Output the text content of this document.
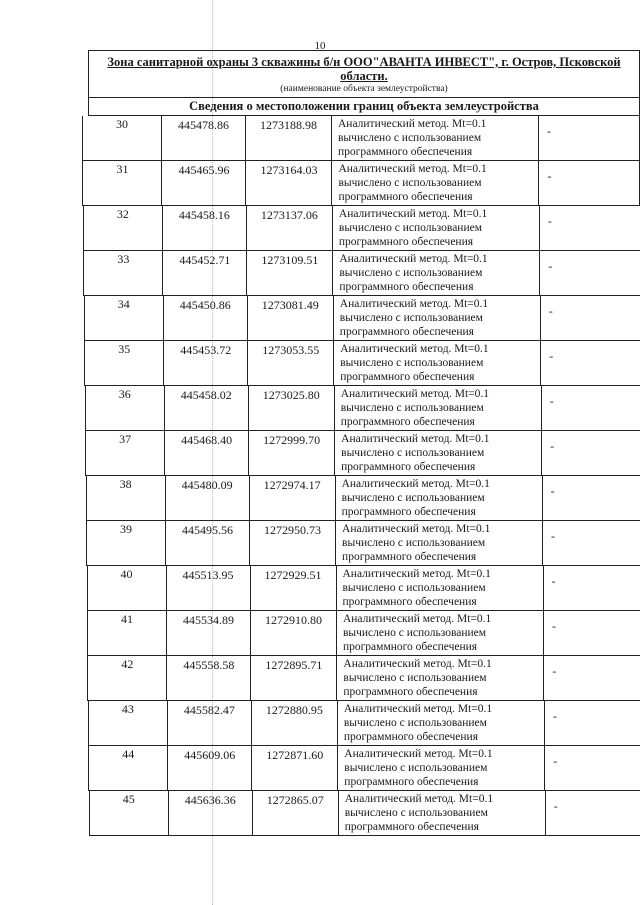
10
Зона санитарной охраны 3 скважины б/н ООО"АВАНТА ИНВЕСТ", г. Остров, Псковской области.
(наименование объекта землеустройства)
Сведения о местоположении границ объекта землеустройства
30	445478.86	1273188.98	Аналитический метод. Mt=0.1
вычислено с использованием
программного обеспечения
-
31	445465.96	1273164.03	Аналитический метод. Mt=0.1
вычислено с использованием
программного обеспечения
-
32	445458.16	1273137.06	Аналитический метод. Mt=0.1
вычислено с использованием
программного обеспечения
-
33	445452.71	1273109.51	Аналитический метод. Mt=0.1
вычислено с использованием
программного обеспечения
-
34	445450.86	1273081.49	Аналитический метод. Mt=0.1
вычислено с использованием
программного обеспечения
-
35	445453.72	1273053.55	Аналитический метод. Mt=0.1
вычислено с использованием
программного обеспечения
-
36	445458.02	1273025.80	Аналитический метод. Mt=0.1
вычислено с использованием
программного обеспечения
-
37	445468.40	1272999.70	Аналитический метод. Mt=0.1
вычислено с использованием
программного обеспечения
-
38	445480.09	1272974.17	Аналитический метод. Mt=0.1
вычислено с использованием
программного обеспечения
-
39	445495.56	1272950.73	Аналитический метод. Mt=0.1
вычислено с использованием
программного обеспечения
-
40	445513.95	1272929.51	Аналитический метод. Mt=0.1
вычислено с использованием
программного обеспечения
-
41	445534.89	1272910.80	Аналитический метод. Mt=0.1
вычислено с использованием
программного обеспечения
-
42	445558.58	1272895.71	Аналитический метод. Mt=0.1
вычислено с использованием
программного обеспечения
-
43	445582.47	1272880.95	Аналитический метод. Mt=0.1
вычислено с использованием
программного обеспечения
-
44	445609.06	1272871.60	Аналитический метод. Mt=0.1
вычислено с использованием
программного обеспечения
-
45	445636.36	1272865.07	Аналитический метод. Mt=0.1
вычислено с использованием
программного обеспечения
-
